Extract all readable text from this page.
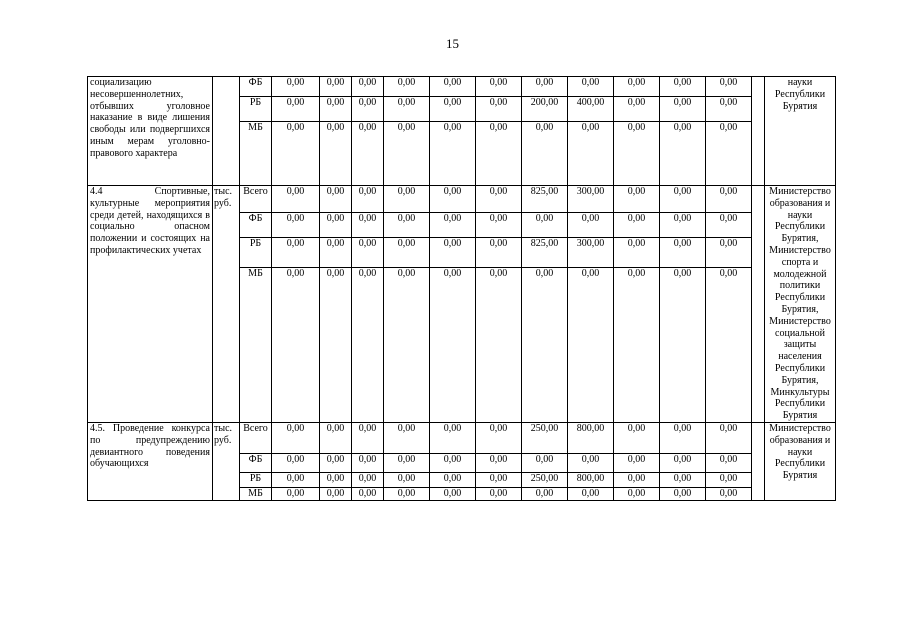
15
социализацию несовершеннолетних, отбывших уголовное наказание в виде лишения свободы или подвергшихся иным мерам уголовно-правового характера		ФБ	0,00	0,00	0,00	0,00	0,00	0,00	0,00	0,00	0,00	0,00	0,00		науки Республики Бурятия
		РБ	0,00	0,00	0,00	0,00	0,00	0,00	200,00	400,00	0,00	0,00	0,00		
		МБ	0,00	0,00	0,00	0,00	0,00	0,00	0,00	0,00	0,00	0,00	0,00		
4.4 Спортивные, культурные мероприятия среди детей, находящихся в социально опасном положении и состоящих на профилактических учетах	тыс. руб.	Всего	0,00	0,00	0,00	0,00	0,00	0,00	825,00	300,00	0,00	0,00	0,00		Министерство образования и науки Республики Бурятия, Министерство спорта и молодежной политики Республики Бурятия, Министерство социальной защиты населения Республики Бурятия, Минкультуры Республики Бурятия
		ФБ	0,00	0,00	0,00	0,00	0,00	0,00	0,00	0,00	0,00	0,00	0,00		
		РБ	0,00	0,00	0,00	0,00	0,00	0,00	825,00	300,00	0,00	0,00	0,00		
		МБ	0,00	0,00	0,00	0,00	0,00	0,00	0,00	0,00	0,00	0,00	0,00		
4.5. Проведение конкурса по предупреждению девиантного поведения обучающихся	тыс. руб.	Всего	0,00	0,00	0,00	0,00	0,00	0,00	250,00	800,00	0,00	0,00	0,00		Министерство образования и науки Республики Бурятия
		ФБ	0,00	0,00	0,00	0,00	0,00	0,00	0,00	0,00	0,00	0,00	0,00		
		РБ	0,00	0,00	0,00	0,00	0,00	0,00	250,00	800,00	0,00	0,00	0,00		
		МБ	0,00	0,00	0,00	0,00	0,00	0,00	0,00	0,00	0,00	0,00	0,00		
